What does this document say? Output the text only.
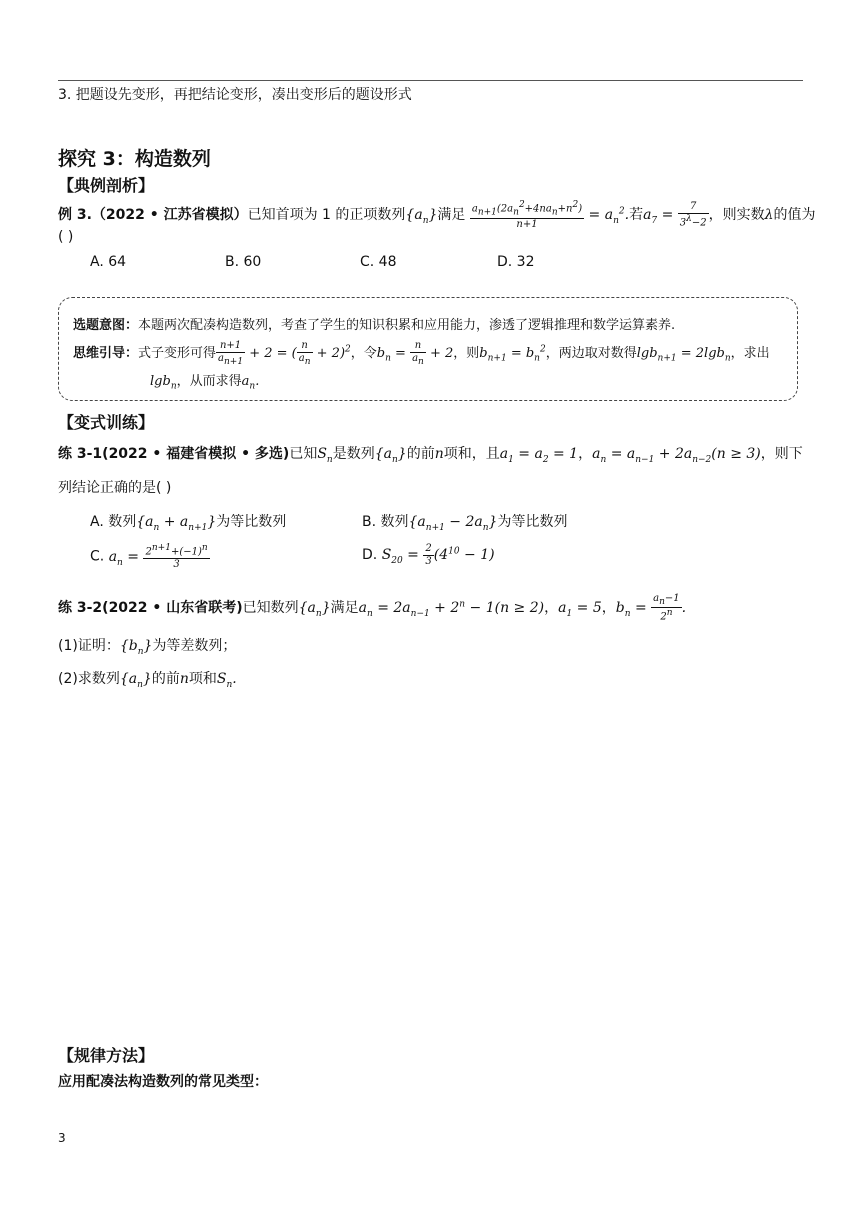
3. 把题设先变形，再把结论变形，凑出变形后的题设形式
探究 3：构造数列
【典例剖析】
例 3.（2022 • 江苏省模拟）已知首项为 1 的正项数列$\{a_n\}$满足 $\frac{a_{n+1}(2a_n^2+4na_n+n^2)}{n+1} = a_n^2$.若$a_7 = \frac{7}{3^\lambda-2}$ ，则实数λ的值为
( )
A. 64	B. 60	C. 48	D. 32
选题意图：本题两次配凑构造数列，考查了学生的知识积累和应用能力，渗透了逻辑推理和数学运算素养.
思维引导：式子变形可得 $\frac{n+1}{a_{n+1}} + 2$ = ( $\frac{n}{a_n} + 2)^2$，令$b_n = \frac{n}{a_n} + 2$，则$b_{n+1} = b_n^2$，两边取对数得lgb$_{n+1}$ = 2lgb$_n$，求出
lgb$_n$，从而求得$a_n$.
【变式训练】
练 3-1(2022 • 福建省模拟 • 多选)已知$S_n$是数列$\{a_n\}$的前n项和，且$a_1 = a_2 = 1$，$a_n = a_{n-1} + 2a_{n-2}(n \ge 3)$，则下
列结论正确的是( )
A. 数列$\{a_n + a_{n+1}\}$为等比数列	B. 数列$\{a_{n+1} - 2a_n\}$为等比数列
C. $a_n = \frac{2^{n+1}+(-1)^n}{3}$	D. $S_{20} = \frac{2}{3} (4^{10} - 1)$
练 3-2(2022 • 山东省联考)已知数列$\{a_n\}$满足$a_n = 2a_{n-1} + 2^n - 1(n \ge 2)$，$a_1 = 5$，$b_n = \frac{a_n-1}{2^n}$ .
(1)证明：$\{b_n\}$为等差数列；
(2)求数列$\{a_n\}$的前n项和$S_n$.
【规律方法】
应用配凑法构造数列的常见类型：
3
